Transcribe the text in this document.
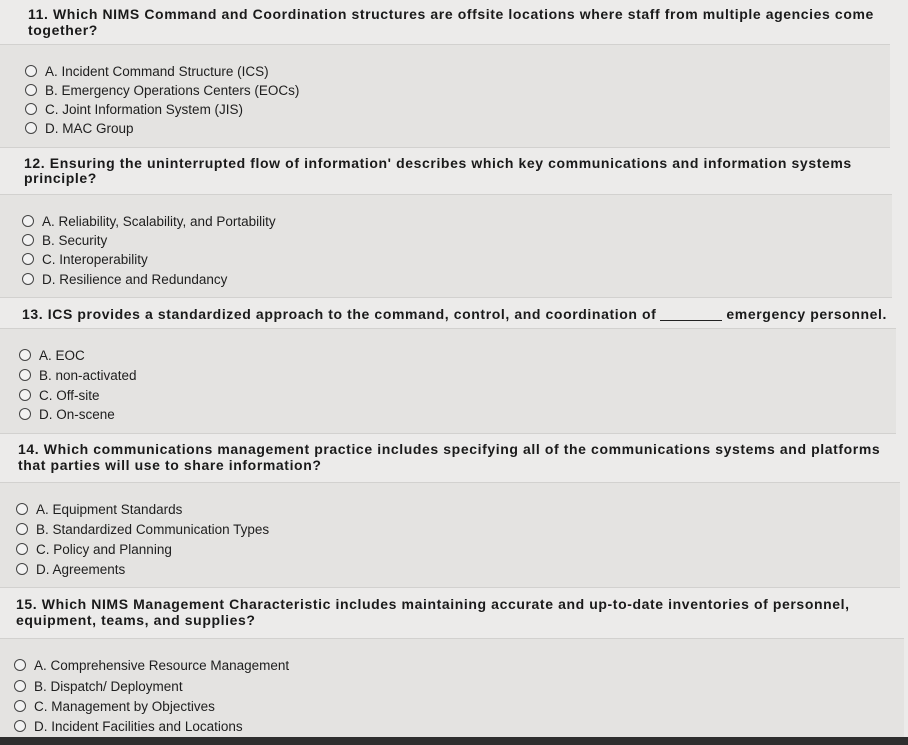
11. Which NIMS Command and Coordination structures are offsite locations where staff from multiple agencies come
together?
A. Incident Command Structure (ICS)
B. Emergency Operations Centers (EOCs)
C. Joint Information System (JIS)
D. MAC Group
12. Ensuring the uninterrupted flow of information' describes which key communications and information systems
principle?
A. Reliability, Scalability, and Portability
B. Security
C. Interoperability
D. Resilience and Redundancy
13. ICS provides a standardized approach to the command, control, and coordination of	emergency personnel.
A. EOC
B. non-activated
C. Off-site
D. On-scene
14. Which communications management practice includes specifying all of the communications systems and platforms
that parties will use to share information?
A. Equipment Standards
B. Standardized Communication Types
C. Policy and Planning
D. Agreements
15. Which NIMS Management Characteristic includes maintaining accurate and up-to-date inventories of personnel,
equipment, teams, and supplies?
A. Comprehensive Resource Management
B. Dispatch/ Deployment
C. Management by Objectives
D. Incident Facilities and Locations
